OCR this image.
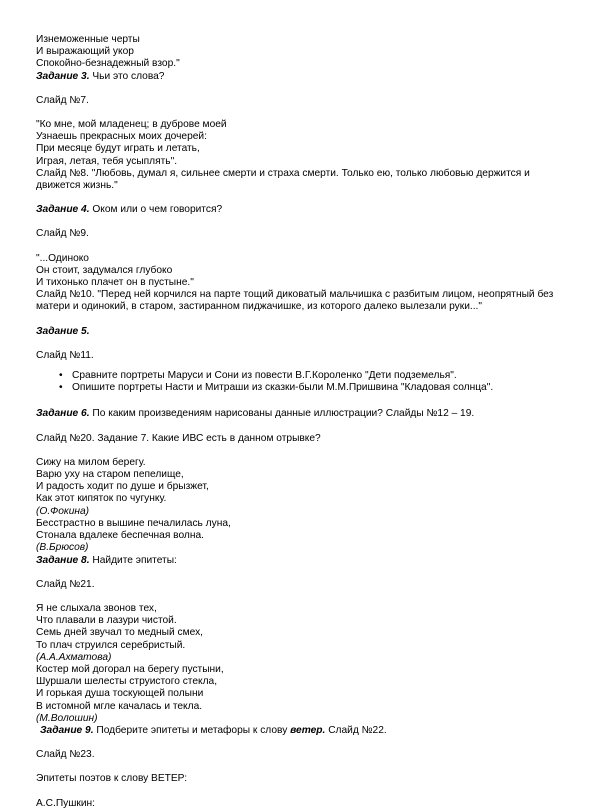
Изнеможенные черты
И выражающий укор
Спокойно-безнадежный взор."
Задание 3. Чьи это слова?
Слайд №7.
"Ко мне, мой младенец; в дуброве моей
Узнаешь прекрасных моих дочерей:
При месяце будут играть и летать,
Играя, летая, тебя усыплять".
Слайд №8. "Любовь, думал я, сильнее смерти и страха смерти. Только ею, только любовью держится и движется жизнь."
Задание 4. Оком или о чем говорится?
Слайд №9.
"...Одиноко
Он стоит, задумался глубоко
И тихонько плачет он в пустыне."
Слайд №10. "Перед ней корчился на парте тощий диковатый мальчишка с разбитым лицом, неопрятный без матери и одинокий, в старом, застиранном пиджачишке, из которого далеко вылезали руки..."
Задание 5.
Слайд №11.
• Сравните портреты Маруси и Сони из повести В.Г.Короленко "Дети подземелья".
• Опишите портреты Насти и Митраши из сказки-были М.М.Пришвина "Кладовая солнца".
Задание 6. По каким произведениям нарисованы данные иллюстрации? Слайды №12 – 19.
Слайд №20. Задание 7. Какие ИВС есть в данном отрывке?
Сижу на милом берегу.
Варю уху на старом пепелище,
И радость ходит по душе и брызжет,
Как этот кипяток по чугунку.
(О.Фокина)
Бесстрастно в вышине печалилась луна,
Стонала вдалеке беспечная волна.
(В.Брюсов)
Задание 8. Найдите эпитеты:
Слайд №21.
Я не слыхала звонов тех,
Что плавали в лазури чистой.
Семь дней звучал то медный смех,
То плач струился серебристый.
(А.А.Ахматова)
Костер мой догорал на берегу пустыни,
Шуршали шелесты струистого стекла,
И горькая душа тоскующей полыни
В истомной мгле качалась и текла.
(М.Волошин)
Задание 9. Подберите эпитеты и метафоры к слову ветер. Слайд №22.
Слайд №23.
Эпитеты поэтов к слову ВЕТЕР:
А.С.Пушкин:
